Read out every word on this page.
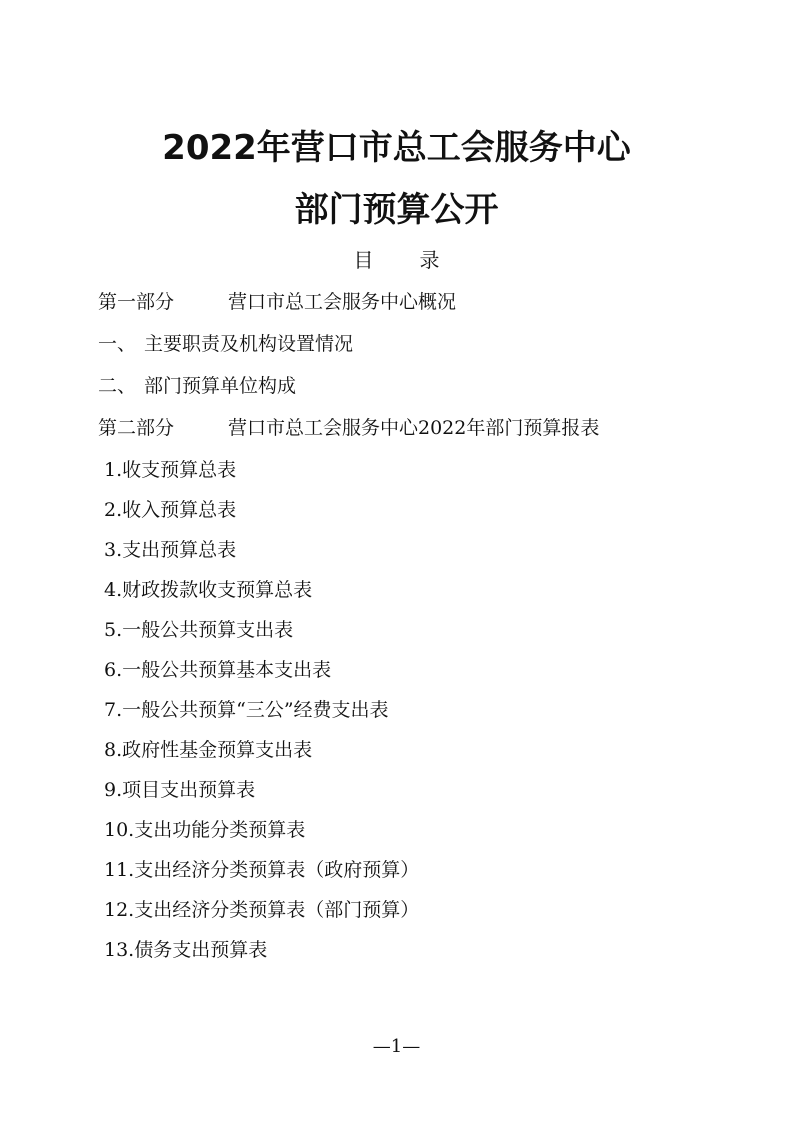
2022年营口市总工会服务中心
部门预算公开
目 录
第一部分	营口市总工会服务中心概况
一、 主要职责及机构设置情况
二、 部门预算单位构成
第二部分	营口市总工会服务中心2022年部门预算报表
1.收支预算总表
2.收入预算总表
3.支出预算总表
4.财政拨款收支预算总表
5.一般公共预算支出表
6.一般公共预算基本支出表
7.一般公共预算“三公”经费支出表
8.政府性基金预算支出表
9.项目支出预算表
10.支出功能分类预算表
11.支出经济分类预算表（政府预算）
12.支出经济分类预算表（部门预算）
13.债务支出预算表
—1—
